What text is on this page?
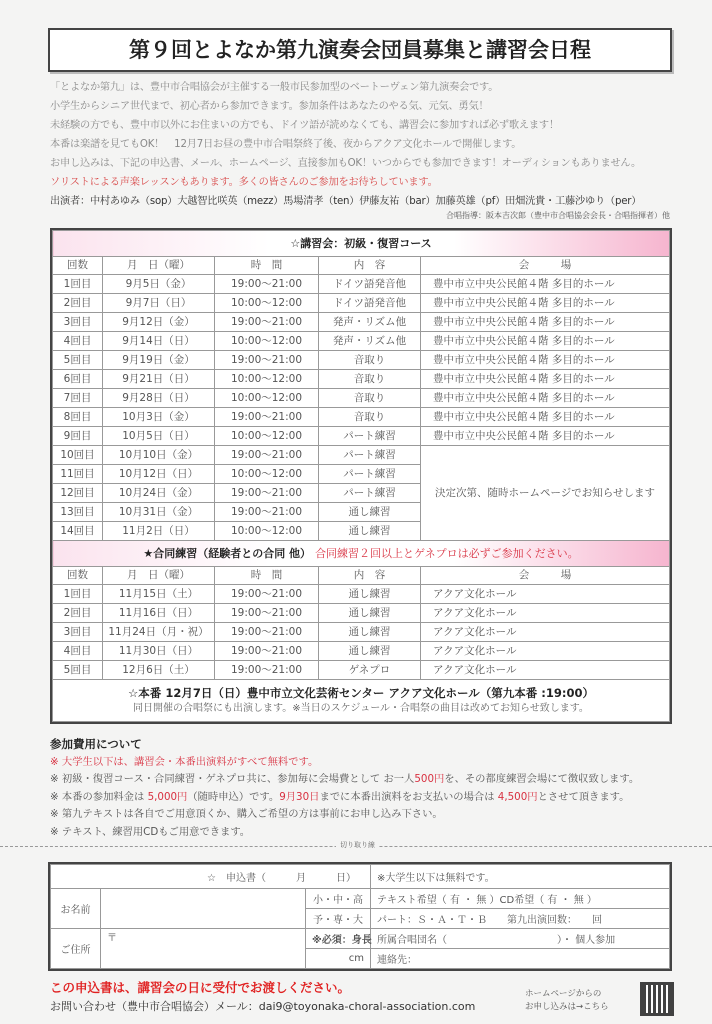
第９回とよなか第九演奏会団員募集と講習会日程
「とよなか第九」は、豊中市合唱協会が主催する一般市民参加型のベートーヴェン第九演奏会です。
小学生からシニア世代まで、初心者から参加できます。参加条件はあなたのやる気、元気、勇気！
未経験の方でも、豊中市以外にお住まいの方でも、ドイツ語が読めなくても、講習会に参加すれば必ず歌えます！
本番は楽譜を見てもOK！　12月7日お昼の豊中市合唱祭終了後、夜からアクア文化ホールで開催します。
お申し込みは、下記の申込書、メール、ホームページ、直接参加もOK！いつからでも参加できます！オーディションもありません。
ソリストによる声楽レッスンもあります。多くの皆さんのご参加をお待ちしています。
出演者：中村あゆみ（sop）大越智比咲英（mezz）馬場清孝（ten）伊藤友祐（bar）加藤英雄（pf）田畑洸貴・工藤沙ゆり（per）
合唱指導：阪本吉次郎（豊中市合唱協会会長・合唱指揮者）他
☆講習会：初級・復習コース				
回数	月　日（曜）	時　間	内　容	会　　　場
1回目	9月5日（金）	19:00～21:00	ドイツ語発音他	豊中市立中央公民館４階 多目的ホール
2回目	9月7日（日）	10:00～12:00	ドイツ語発音他	豊中市立中央公民館４階 多目的ホール
3回目	9月12日（金）	19:00～21:00	発声・リズム他	豊中市立中央公民館４階 多目的ホール
4回目	9月14日（日）	10:00～12:00	発声・リズム他	豊中市立中央公民館４階 多目的ホール
5回目	9月19日（金）	19:00～21:00	音取り	豊中市立中央公民館４階 多目的ホール
6回目	9月21日（日）	10:00～12:00	音取り	豊中市立中央公民館４階 多目的ホール
7回目	9月28日（日）	10:00～12:00	音取り	豊中市立中央公民館４階 多目的ホール
8回目	10月3日（金）	19:00～21:00	音取り	豊中市立中央公民館４階 多目的ホール
9回目	10月5日（日）	10:00～12:00	パート練習	豊中市立中央公民館４階 多目的ホール
10回目	10月10日（金）	19:00～21:00	パート練習	決定次第、随時ホームページでお知らせします
11回目	10月12日（日）	10:00～12:00	パート練習	
12回目	10月24日（金）	19:00～21:00	パート練習	
13回目	10月31日（金）	19:00～21:00	通し練習	
14回目	11月2日（日）	10:00～12:00	通し練習	
★合同練習（経験者との合同 他） 合同練習２回以上とゲネプロは必ずご参加ください。				
回数	月　日（曜）	時　間	内　容	会　　　場
1回目	11月15日（土）	19:00～21:00	通し練習	アクア文化ホール
2回目	11月16日（日）	19:00～21:00	通し練習	アクア文化ホール
3回目	11月24日（月・祝）	19:00～21:00	通し練習	アクア文化ホール
4回目	11月30日（日）	19:00～21:00	通し練習	アクア文化ホール
5回目	12月6日（土）	19:00～21:00	ゲネプロ	アクア文化ホール

☆本番 12月7日（日）豊中市立文化芸術センター アクア文化ホール（第九本番 :19:00）
同日開催の合唱祭にも出演します。※当日のスケジュール・合唱祭の曲目は改めてお知らせ致します。				
参加費用について
※ 大学生以下は、講習会・本番出演料がすべて無料です。
※ 初級・復習コース・合同練習・ゲネプロ共に、参加毎に会場費として お一人500円を、その都度練習会場にて徴収致します。
※ 本番の参加料金は 5,000円（随時申込）です。9月30日までに本番出演料をお支払いの場合は 4,500円とさせて頂きます。
※ 第九テキストは各自でご用意頂くか、購入ご希望の方は事前にお申し込み下さい。
※ テキスト、練習用CDもご用意できます。
切り取り線
☆　申込書（　　　月　　　日）			※大学生以下は無料です。
お名前		小・中・高	テキスト希望（ 有 ・ 無 ）CD希望（ 有 ・ 無 ）
		予・専・大	パート：Ｓ・Ａ・Ｔ・Ｂ　　第九出演回数：　　回
ご住所	〒	※必須：身長	所属合唱団名（　　　　　　　　　　　）・ 個人参加
		cm	連絡先：
この申込書は、講習会の日に受付でお渡しください。
お問い合わせ（豊中市合唱協会）メール：dai9@toyonaka-choral-association.com
ホームページからの
お申し込みは→こちら
